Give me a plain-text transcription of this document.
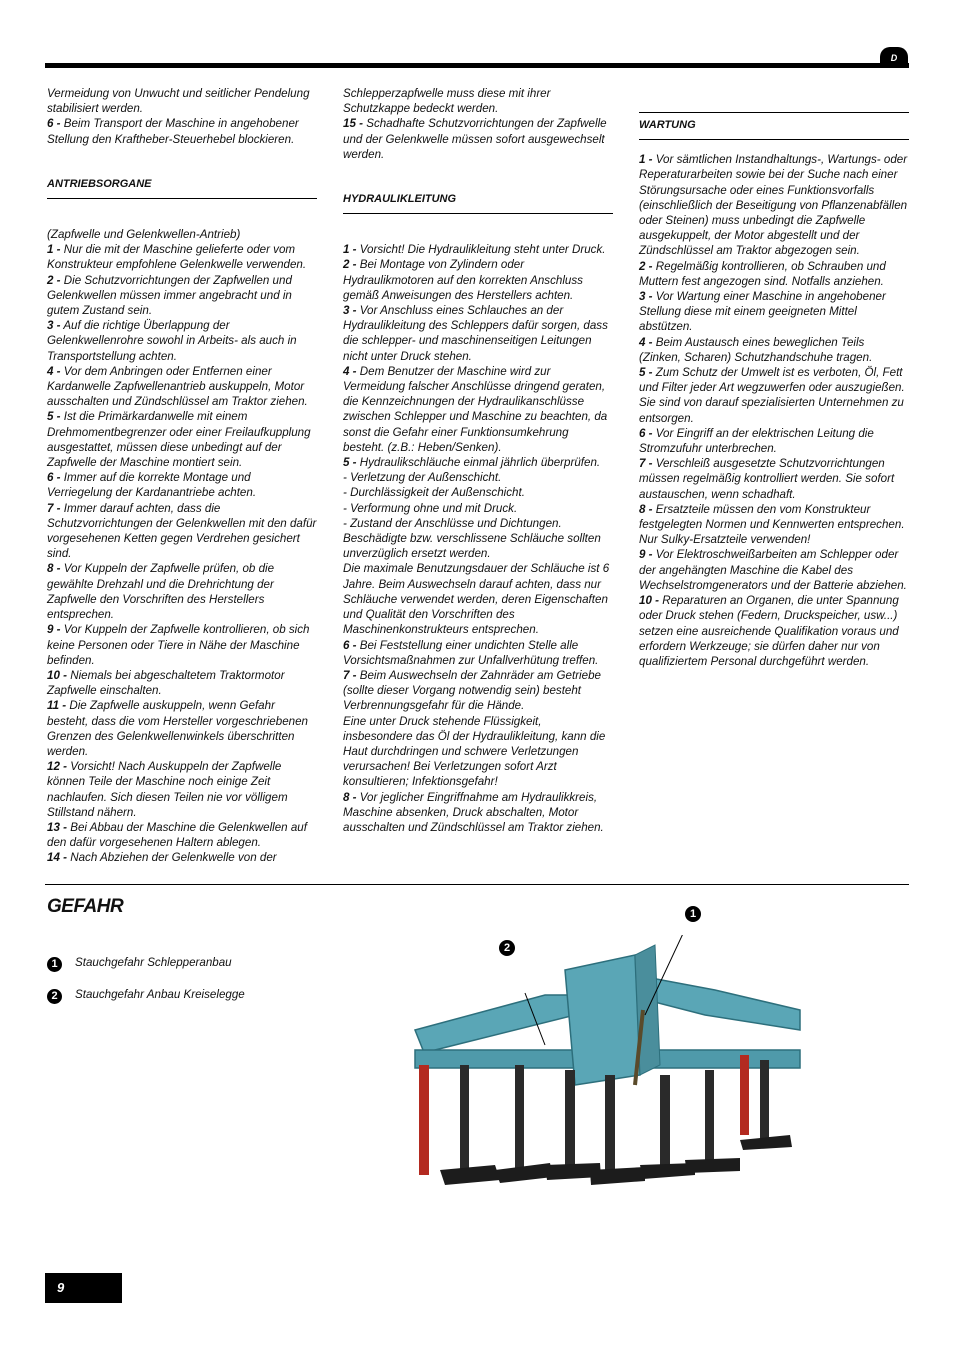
D

Vermeidung von Unwucht und seitlicher Pendelung stabilisiert werden.

6 - Beim Transport der Maschine in angehobener Stellung den Kraftheber-Steuerhebel blockieren.

ANTRIEBSORGANE

(Zapfwelle und Gelenkwellen-Antrieb)

1 - Nur die mit der Maschine gelieferte oder vom Konstrukteur empfohlene Gelenkwelle verwenden.

2 - Die Schutzvorrichtungen der Zapfwellen und Gelenkwellen müssen immer angebracht und in gutem Zustand sein.

3 - Auf die richtige Überlappung der Gelenkwellenrohre sowohl in Arbeits- als auch in Transportstellung achten.

4 - Vor dem Anbringen oder Entfernen einer Kardanwelle Zapfwellenantrieb auskuppeln, Motor ausschalten und Zündschlüssel am Traktor ziehen.

5 - Ist die Primärkardanwelle mit einem Drehmomentbegrenzer oder einer Freilaufkupplung ausgestattet, müssen diese unbedingt auf der Zapfwelle der Maschine montiert sein.

6 - Immer auf die korrekte Montage und Verriegelung der Kardanantriebe achten.

7 - Immer darauf achten, dass die Schutzvorrichtungen der Gelenkwellen mit den dafür vorgesehenen Ketten gegen Verdrehen gesichert sind.

8 - Vor Kuppeln der Zapfwelle prüfen, ob die gewählte Drehzahl und die Drehrichtung der Zapfwelle den Vorschriften des Herstellers entsprechen.

9 - Vor Kuppeln der Zapfwelle kontrollieren, ob sich keine Personen oder Tiere in Nähe der Maschine befinden.

10 - Niemals bei abgeschaltetem Traktormotor Zapfwelle einschalten.

11 - Die Zapfwelle auskuppeln, wenn Gefahr besteht, dass die vom Hersteller vorgeschriebenen Grenzen des Gelenkwellenwinkels überschritten werden.

12 - Vorsicht! Nach Auskuppeln der Zapfwelle können Teile der Maschine noch einige Zeit nachlaufen. Sich diesen Teilen nie vor völligem Stillstand nähern.

13 - Bei Abbau der Maschine die Gelenkwellen auf den dafür vorgesehenen Haltern ablegen.

14 - Nach Abziehen der Gelenkwelle von der

Schlepperzapfwelle muss diese mit ihrer Schutzkappe bedeckt werden.

15 - Schadhafte Schutzvorrichtungen der Zapfwelle und der Gelenkwelle müssen sofort ausgewechselt werden.

HYDRAULIKLEITUNG

1 - Vorsicht! Die Hydraulikleitung steht unter Druck.

2 - Bei Montage von Zylindern oder Hydraulikmotoren auf den korrekten Anschluss gemäß Anweisungen des Herstellers achten.

3 - Vor Anschluss eines Schlauches an der Hydraulikleitung des Schleppers dafür sorgen, dass die schlepper- und maschinenseitigen Leitungen nicht unter Druck stehen.

4 - Dem Benutzer der Maschine wird zur Vermeidung falscher Anschlüsse dringend geraten, die Kennzeichnungen der Hydraulikanschlüsse zwischen Schlepper und Maschine zu beachten, da sonst die Gefahr einer Funktionsumkehrung besteht. (z.B.: Heben/Senken).

5 - Hydraulikschläuche einmal jährlich überprüfen.

- Verletzung der Außenschicht.

- Durchlässigkeit der Außenschicht.

- Verformung ohne und mit Druck.

- Zustand der Anschlüsse und Dichtungen.

Beschädigte bzw. verschlissene Schläuche sollten unverzüglich ersetzt werden.

Die maximale Benutzungsdauer der Schläuche ist 6 Jahre. Beim Auswechseln darauf achten, dass nur Schläuche verwendet werden, deren Eigenschaften und Qualität den Vorschriften des Maschinenkonstrukteurs entsprechen.

6 - Bei Feststellung einer undichten Stelle alle Vorsichtsmaßnahmen zur Unfallverhütung treffen.

7 - Beim Auswechseln der Zahnräder am Getriebe (sollte dieser Vorgang notwendig sein) besteht Verbrennungsgefahr für die Hände.

Eine unter Druck stehende Flüssigkeit, insbesondere das Öl der Hydraulikleitung, kann die Haut durchdringen und schwere Verletzungen verursachen! Bei Verletzungen sofort Arzt konsultieren; Infektionsgefahr!

8 - Vor jeglicher Eingriffnahme am Hydraulikkreis, Maschine absenken, Druck abschalten, Motor ausschalten und Zündschlüssel am Traktor ziehen.

WARTUNG

1 - Vor sämtlichen Instandhaltungs-, Wartungs- oder Reperaturarbeiten sowie bei der Suche nach einer Störungsursache oder eines Funktionsvorfalls (einschließlich der Beseitigung von Pflanzenabfällen oder Steinen) muss unbedingt die Zapfwelle ausgekuppelt, der Motor abgestellt und der Zündschlüssel am Traktor abgezogen sein.

2 - Regelmäßig kontrollieren, ob Schrauben und Muttern fest angezogen sind. Notfalls anziehen.

3 - Vor Wartung einer Maschine in angehobener Stellung diese mit einem geeigneten Mittel abstützen.

4 - Beim Austausch eines beweglichen Teils (Zinken, Scharen) Schutzhandschuhe tragen.

5 - Zum Schutz der Umwelt ist es verboten, Öl, Fett und Filter jeder Art wegzuwerfen oder auszugießen. Sie sind von darauf spezialisierten Unternehmen zu entsorgen.

6 - Vor Eingriff an der elektrischen Leitung die Stromzufuhr unterbrechen.

7 - Verschleiß ausgesetzte Schutzvorrichtungen müssen regelmäßig kontrolliert werden. Sie sofort austauschen, wenn schadhaft.

8 - Ersatzteile müssen den vom Konstrukteur festgelegten Normen und Kennwerten entsprechen. Nur Sulky-Ersatzteile verwenden!

9 - Vor Elektroschweißarbeiten am Schlepper oder der angehängten Maschine die Kabel des Wechselstromgenerators und der Batterie abziehen.

10 - Reparaturen an Organen, die unter Spannung oder Druck stehen (Federn, Druckspeicher, usw...) setzen eine ausreichende Qualifikation voraus und erfordern Werkzeuge; sie dürfen daher nur von qualifiziertem Personal durchgeführt werden.

GEFAHR
1 Stauchgefahr Schlepperanbau
2 Stauchgefahr Anbau Kreiselegge
2
1
9
